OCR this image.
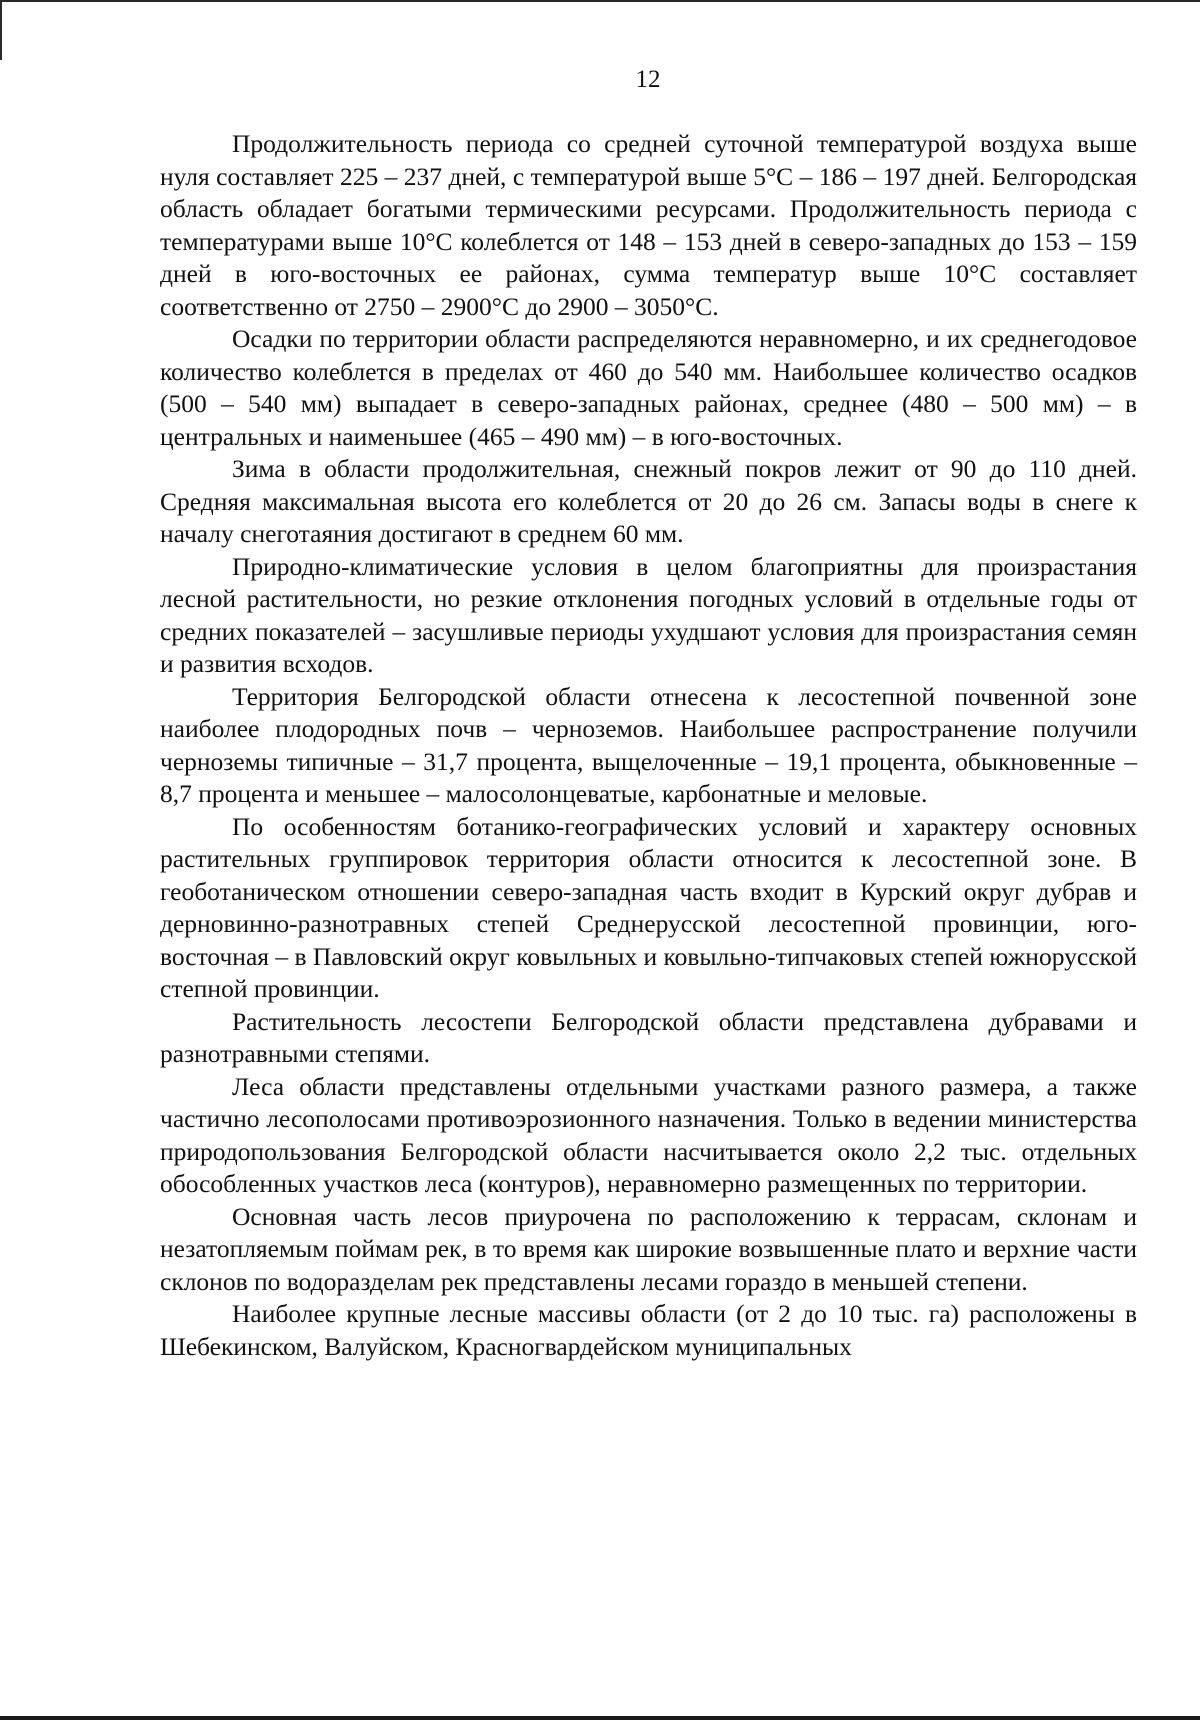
12

Продолжительность периода со средней суточной температурой воздуха выше нуля составляет 225 – 237 дней, с температурой выше 5°С – 186 – 197 дней. Белгородская область обладает богатыми термическими ресурсами. Продолжительность периода с температурами выше 10°С колеблется от 148 – 153 дней в северо-западных до 153 – 159 дней в юго-восточных ее районах, сумма температур выше 10°С составляет соответственно от 2750 – 2900°С до 2900 – 3050°С.

Осадки по территории области распределяются неравномерно, и их среднегодовое количество колеблется в пределах от 460 до 540 мм. Наибольшее количество осадков (500 – 540 мм) выпадает в северо-западных районах, среднее (480 – 500 мм) – в центральных и наименьшее (465 – 490 мм) – в юго-восточных.

Зима в области продолжительная, снежный покров лежит от 90 до 110 дней. Средняя максимальная высота его колеблется от 20 до 26 см. Запасы воды в снеге к началу снеготаяния достигают в среднем 60 мм.

Природно-климатические условия в целом благоприятны для произрастания лесной растительности, но резкие отклонения погодных условий в отдельные годы от средних показателей – засушливые периоды ухудшают условия для произрастания семян и развития всходов.

Территория Белгородской области отнесена к лесостепной почвенной зоне наиболее плодородных почв – черноземов. Наибольшее распространение получили черноземы типичные – 31,7 процента, выщелоченные – 19,1 процента, обыкновенные – 8,7 процента и меньшее – малосолонцеватые, карбонатные и меловые.

По особенностям ботанико-географических условий и характеру основных растительных группировок территория области относится к лесостепной зоне. В геоботаническом отношении северо-западная часть входит в Курский округ дубрав и дерновинно-разнотравных степей Среднерусской лесостепной провинции, юго-восточная – в Павловский округ ковыльных и ковыльно-типчаковых степей южнорусской степной провинции.

Растительность лесостепи Белгородской области представлена дубравами и разнотравными степями.

Леса области представлены отдельными участками разного размера, а также частично лесополосами противоэрозионного назначения. Только в ведении министерства природопользования Белгородской области насчитывается около 2,2 тыс. отдельных обособленных участков леса (контуров), неравномерно размещенных по территории.

Основная часть лесов приурочена по расположению к террасам, склонам и незатопляемым поймам рек, в то время как широкие возвышенные плато и верхние части склонов по водоразделам рек представлены лесами гораздо в меньшей степени.

Наиболее крупные лесные массивы области (от 2 до 10 тыс. га) расположены в Шебекинском, Валуйском, Красногвардейском муниципальных
